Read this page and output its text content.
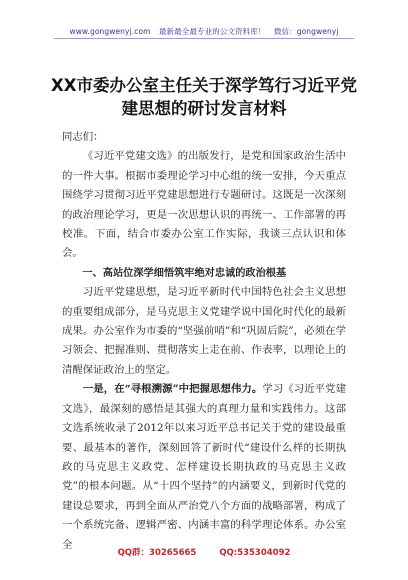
www.gongwenyj.com 最新最全最专业的公文资料库！ 微信：gongwenyj
XX市委办公室主任关于深学笃行习近平党建思想的研讨发言材料

同志们：

《习近平党建文选》的出版发行，是党和国家政治生活中的一件大事。根据市委理论学习中心组的统一安排，今天重点围绕学习贯彻习近平党建思想进行专题研讨。这既是一次深刻的政治理论学习，更是一次思想认识的再统一、工作部署的再校准。下面，结合市委办公室工作实际，我谈三点认识和体会。

一、高站位深学细悟筑牢绝对忠诚的政治根基

习近平党建思想，是习近平新时代中国特色社会主义思想的重要组成部分，是马克思主义党建学说中国化时代化的最新成果。办公室作为市委的“坚强前哨”和“巩固后院”，必须在学习领会、把握准则、贯彻落实上走在前、作表率，以理论上的清醒保证政治上的坚定。

一是，在“寻根溯源”中把握思想伟力。学习《习近平党建文选》，最深刻的感悟是其强大的真理力量和实践伟力。这部文选系统收录了2012年以来习近平总书记关于党的建设最重要、最基本的著作，深刻回答了新时代“建设什么样的长期执政的马克思主义政党、怎样建设长期执政的马克思主义政党”的根本问题。从“十四个坚持”的内涵要义，到新时代党的建设总要求，再到全面从严治党八个方面的战略部署，构成了一个系统完备、逻辑严密、内涵丰富的科学理论体系。办公室全

QQ群：30265665	QQ:535304092
